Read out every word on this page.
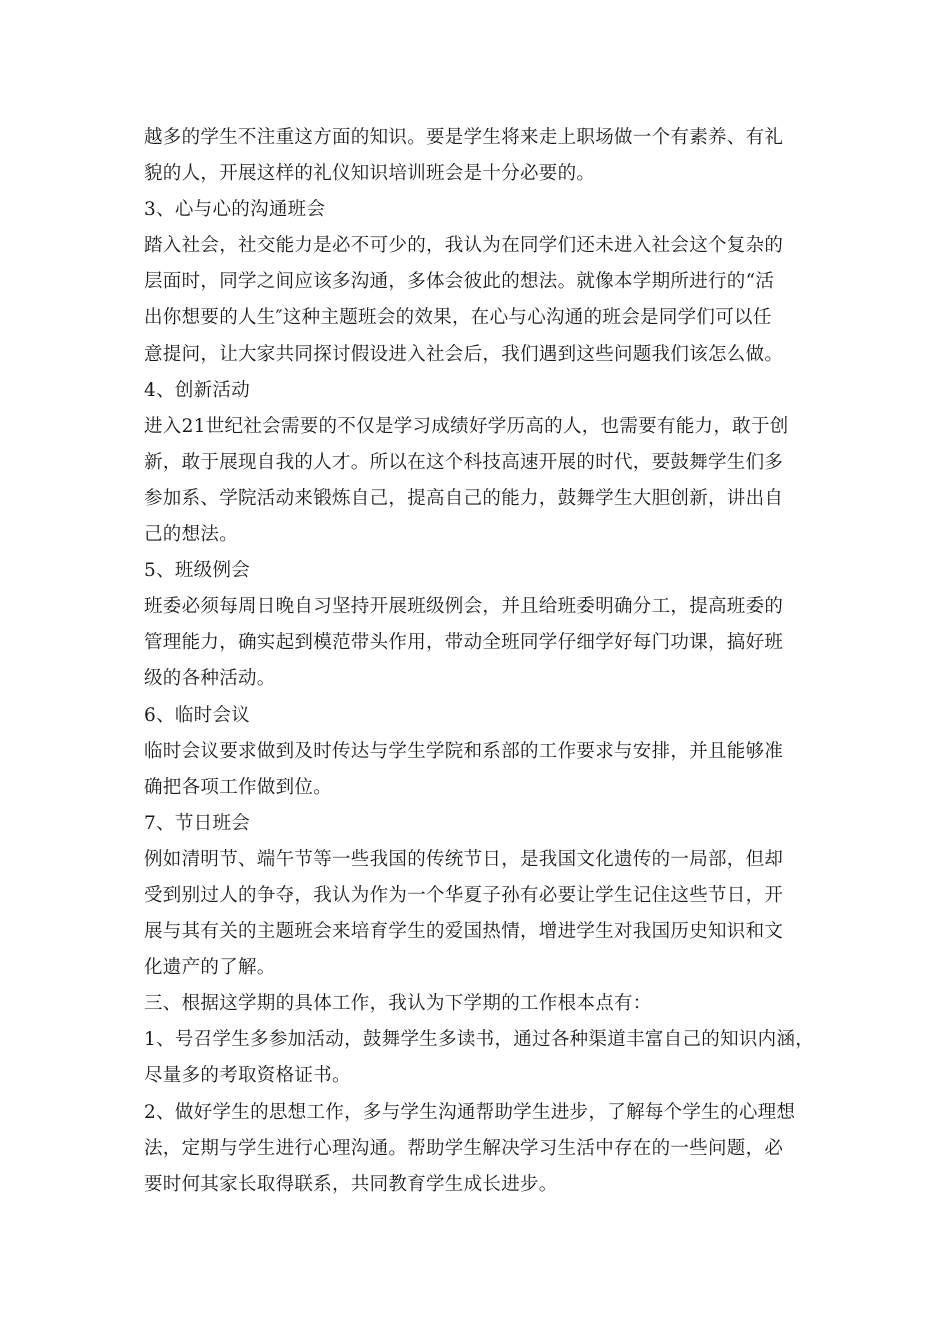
越多的学生不注重这方面的知识。要是学生将来走上职场做一个有素养、有礼
貌的人，开展这样的礼仪知识培训班会是十分必要的。
3、心与心的沟通班会
踏入社会，社交能力是必不可少的，我认为在同学们还未进入社会这个复杂的
层面时，同学之间应该多沟通，多体会彼此的想法。就像本学期所进行的“活
出你想要的人生″这种主题班会的效果，在心与心沟通的班会是同学们可以任
意提问，让大家共同探讨假设进入社会后，我们遇到这些问题我们该怎么做。
4、创新活动
进入21世纪社会需要的不仅是学习成绩好学历高的人，也需要有能力，敢于创
新，敢于展现自我的人才。所以在这个科技高速开展的时代，要鼓舞学生们多
参加系、学院活动来锻炼自己，提高自己的能力，鼓舞学生大胆创新，讲出自
己的想法。
5、班级例会
班委必须每周日晚自习坚持开展班级例会，并且给班委明确分工，提高班委的
管理能力，确实起到模范带头作用，带动全班同学仔细学好每门功课，搞好班
级的各种活动。
6、临时会议
临时会议要求做到及时传达与学生学院和系部的工作要求与安排，并且能够准
确把各项工作做到位。
7、节日班会
例如清明节、端午节等一些我国的传统节日，是我国文化遗传的一局部，但却
受到别过人的争夺，我认为作为一个华夏子孙有必要让学生记住这些节日，开
展与其有关的主题班会来培育学生的爱国热情，增进学生对我国历史知识和文
化遗产的了解。
三、根据这学期的具体工作，我认为下学期的工作根本点有：
1、号召学生多参加活动，鼓舞学生多读书，通过各种渠道丰富自己的知识内涵，
尽量多的考取资格证书。
2、做好学生的思想工作，多与学生沟通帮助学生进步，了解每个学生的心理想
法，定期与学生进行心理沟通。帮助学生解决学习生活中存在的一些问题，必
要时何其家长取得联系，共同教育学生成长进步。
